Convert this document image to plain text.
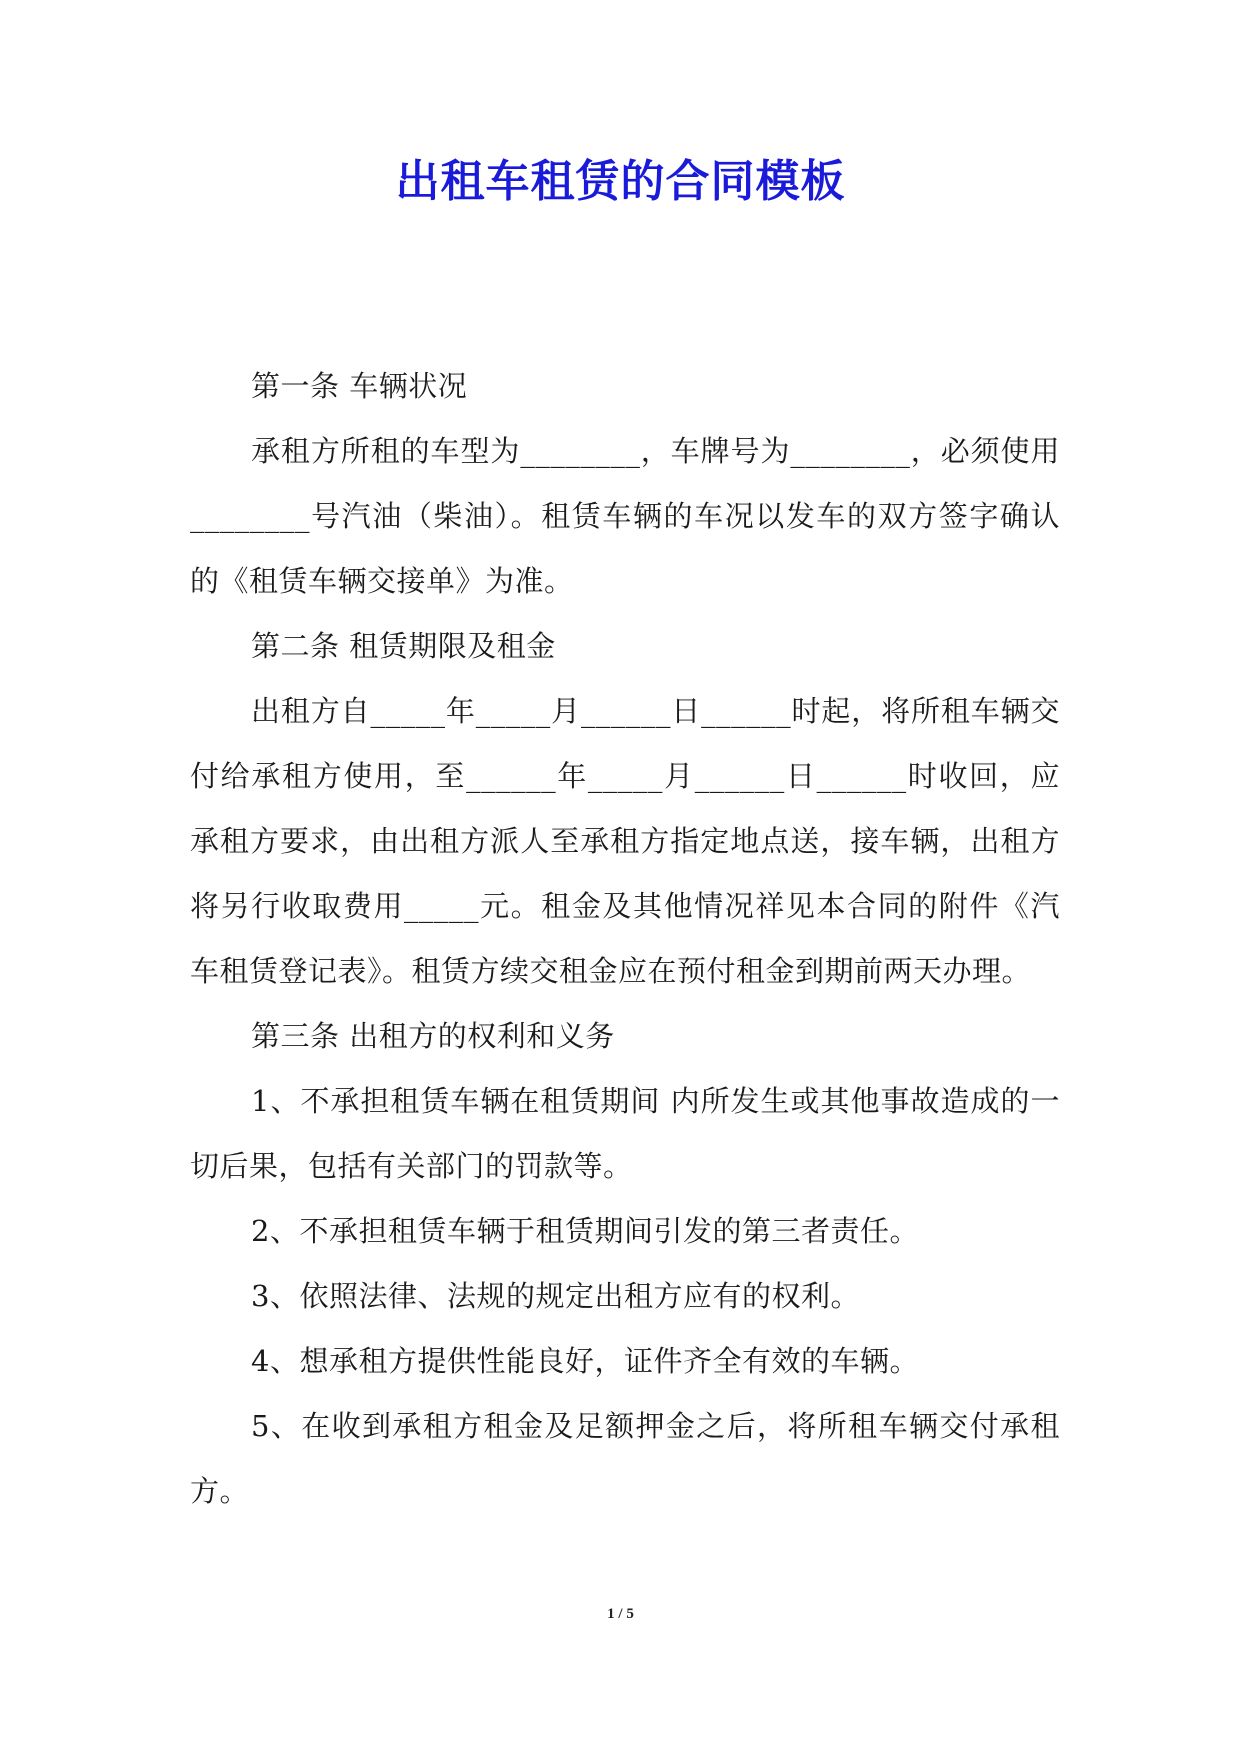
出租车租赁的合同模板

第一条 车辆状况

承租方所租的车型为________，车牌号为________，必须使用________号汽油（柴油）。租赁车辆的车况以发车的双方签字确认的《租赁车辆交接单》为准。

第二条 租赁期限及租金

出租方自_____年_____月______日______时起，将所租车辆交付给承租方使用，至______年_____月______日______时收回，应承租方要求，由出租方派人至承租方指定地点送，接车辆，出租方将另行收取费用_____元。租金及其他情况祥见本合同的附件《汽车租赁登记表》。租赁方续交租金应在预付租金到期前两天办理。

第三条 出租方的权利和义务

1、不承担租赁车辆在租赁期间 内所发生或其他事故造成的一切后果，包括有关部门的罚款等。

2、不承担租赁车辆于租赁期间引发的第三者责任。

3、依照法律、法规的规定出租方应有的权利。

4、想承租方提供性能良好，证件齐全有效的车辆。

5、在收到承租方租金及足额押金之后，将所租车辆交付承租方。

1 / 5
